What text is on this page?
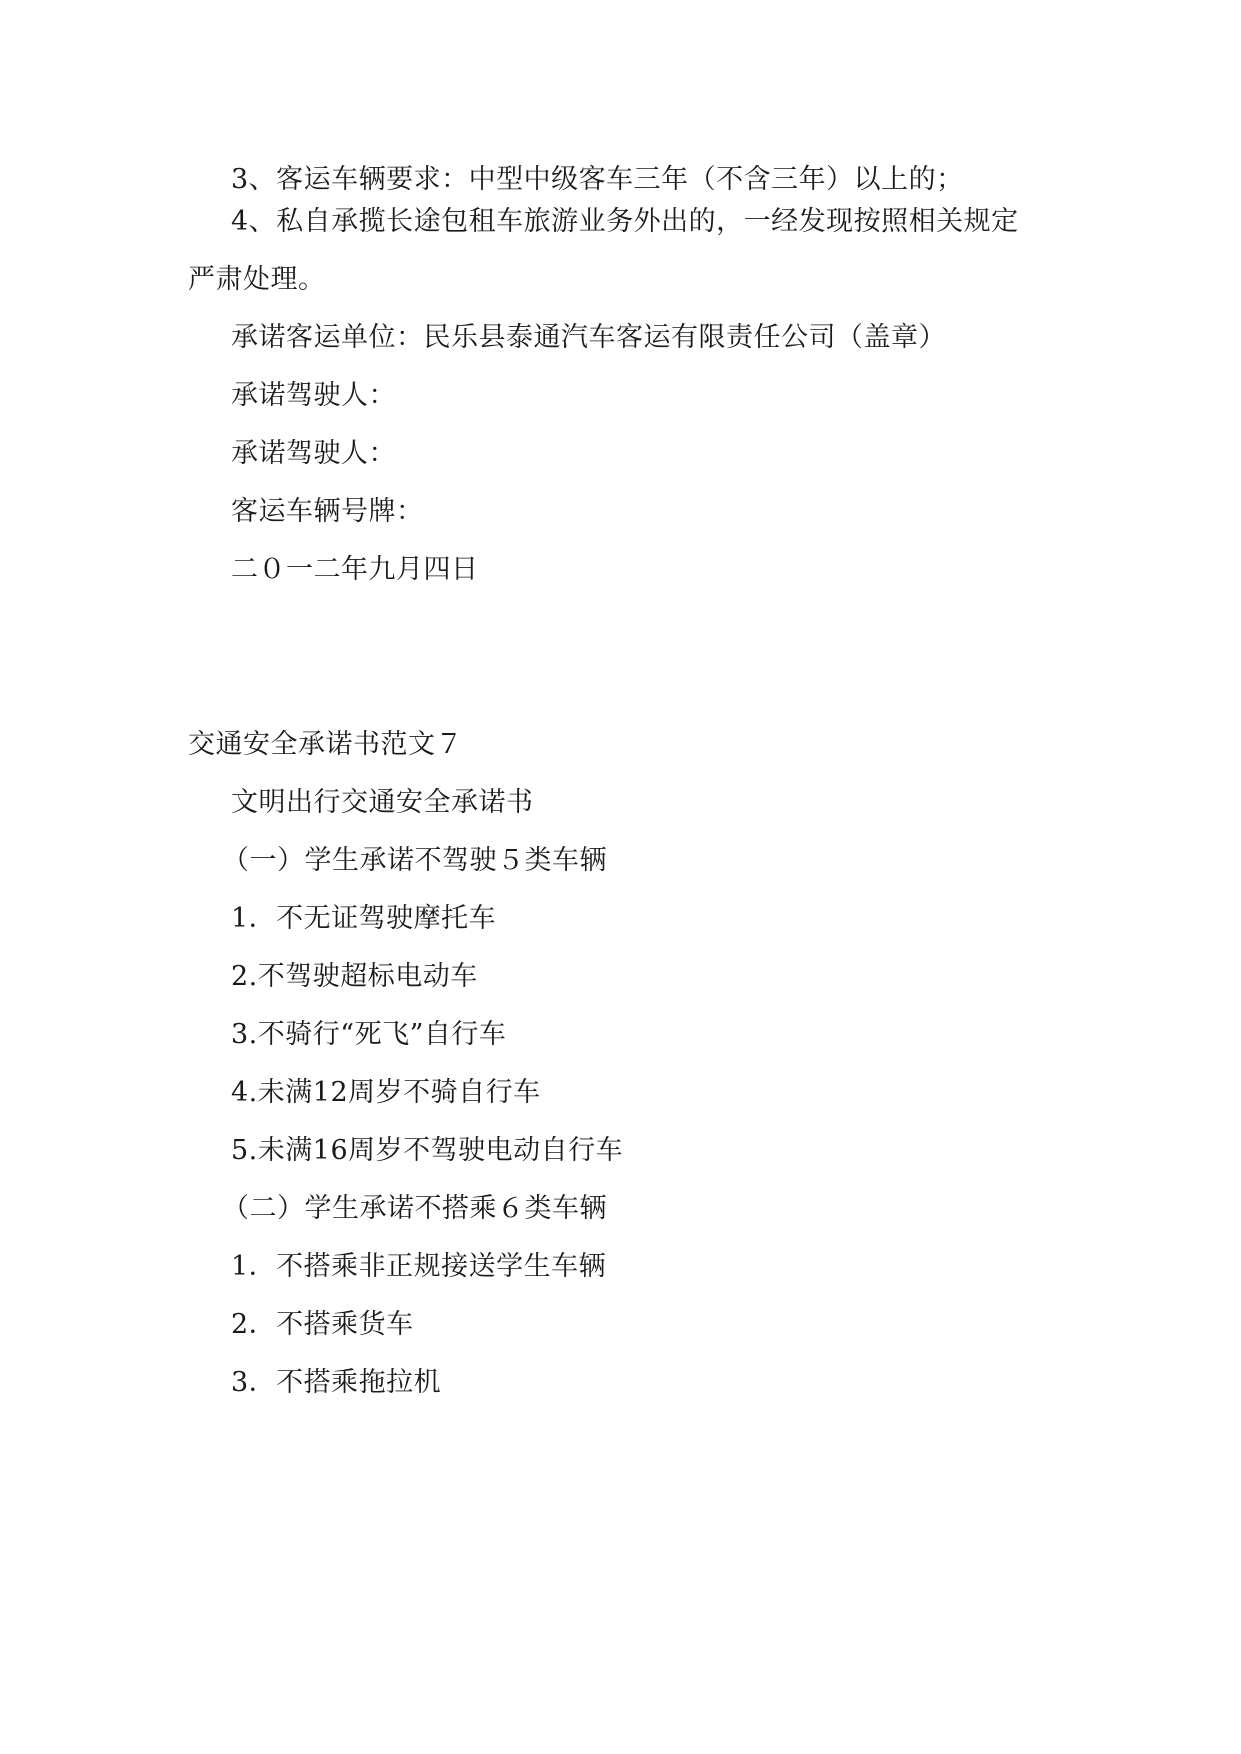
3、客运车辆要求：中型中级客车三年（不含三年）以上的；
4、私自承揽长途包租车旅游业务外出的，一经发现按照相关规定
严肃处理。
承诺客运单位：民乐县泰通汽车客运有限责任公司（盖章）
承诺驾驶人：
承诺驾驶人：
客运车辆号牌：
二０一二年九月四日
交通安全承诺书范文７
文明出行交通安全承诺书
（一）学生承诺不驾驶５类车辆
1．不无证驾驶摩托车
2.不驾驶超标电动车
3.不骑行“死飞”自行车
4.未满12周岁不骑自行车
5.未满16周岁不驾驶电动自行车
（二）学生承诺不搭乘６类车辆
1．不搭乘非正规接送学生车辆
2．不搭乘货车
3．不搭乘拖拉机
